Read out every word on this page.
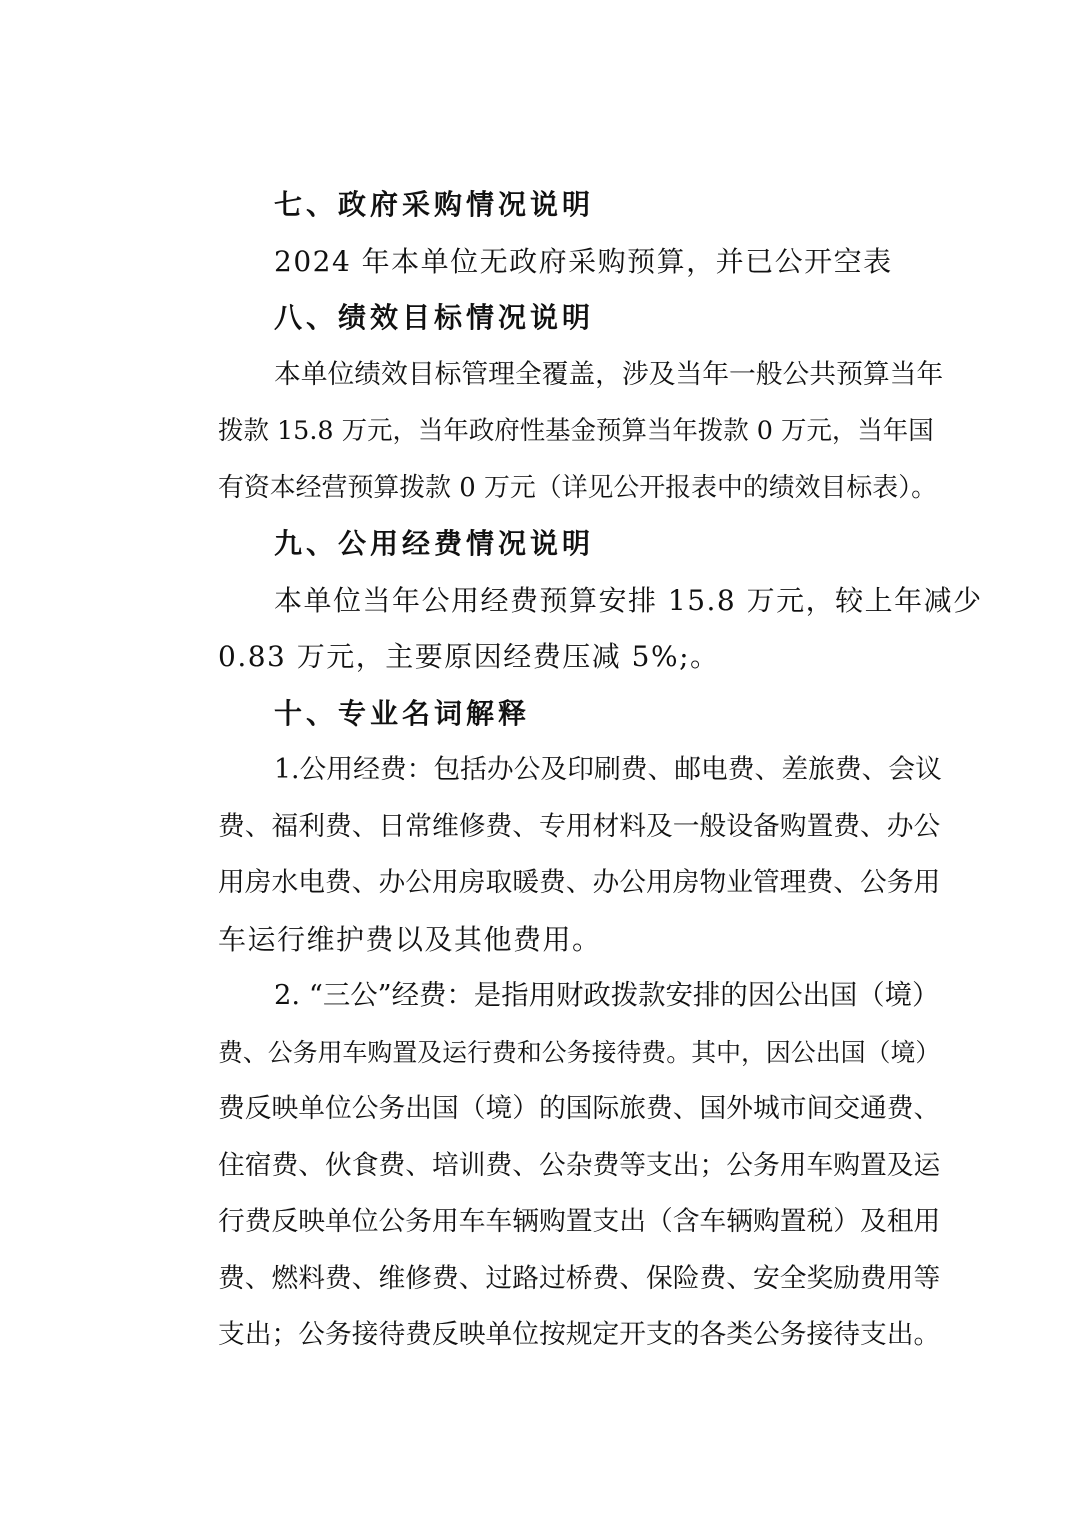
七、政府采购情况说明

2024 年本单位无政府采购预算，并已公开空表

八、绩效目标情况说明

本单位绩效目标管理全覆盖，涉及当年一般公共预算当年
拨款 15.8 万元，当年政府性基金预算当年拨款 0 万元，当年国
有资本经营预算拨款 0 万元（详见公开报表中的绩效目标表）。

九、公用经费情况说明

本单位当年公用经费预算安排 15.8 万元，较上年减少
0.83 万元，主要原因经费压减 5%;。

十、专业名词解释

1.公用经费：包括办公及印刷费、邮电费、差旅费、会议
费、福利费、日常维修费、专用材料及一般设备购置费、办公
用房水电费、办公用房取暖费、办公用房物业管理费、公务用
车运行维护费以及其他费用。

2. “三公”经费：是指用财政拨款安排的因公出国（境）
费、公务用车购置及运行费和公务接待费。其中，因公出国（境）
费反映单位公务出国（境）的国际旅费、国外城市间交通费、
住宿费、伙食费、培训费、公杂费等支出；公务用车购置及运
行费反映单位公务用车车辆购置支出（含车辆购置税）及租用
费、燃料费、维修费、过路过桥费、保险费、安全奖励费用等
支出；公务接待费反映单位按规定开支的各类公务接待支出。
